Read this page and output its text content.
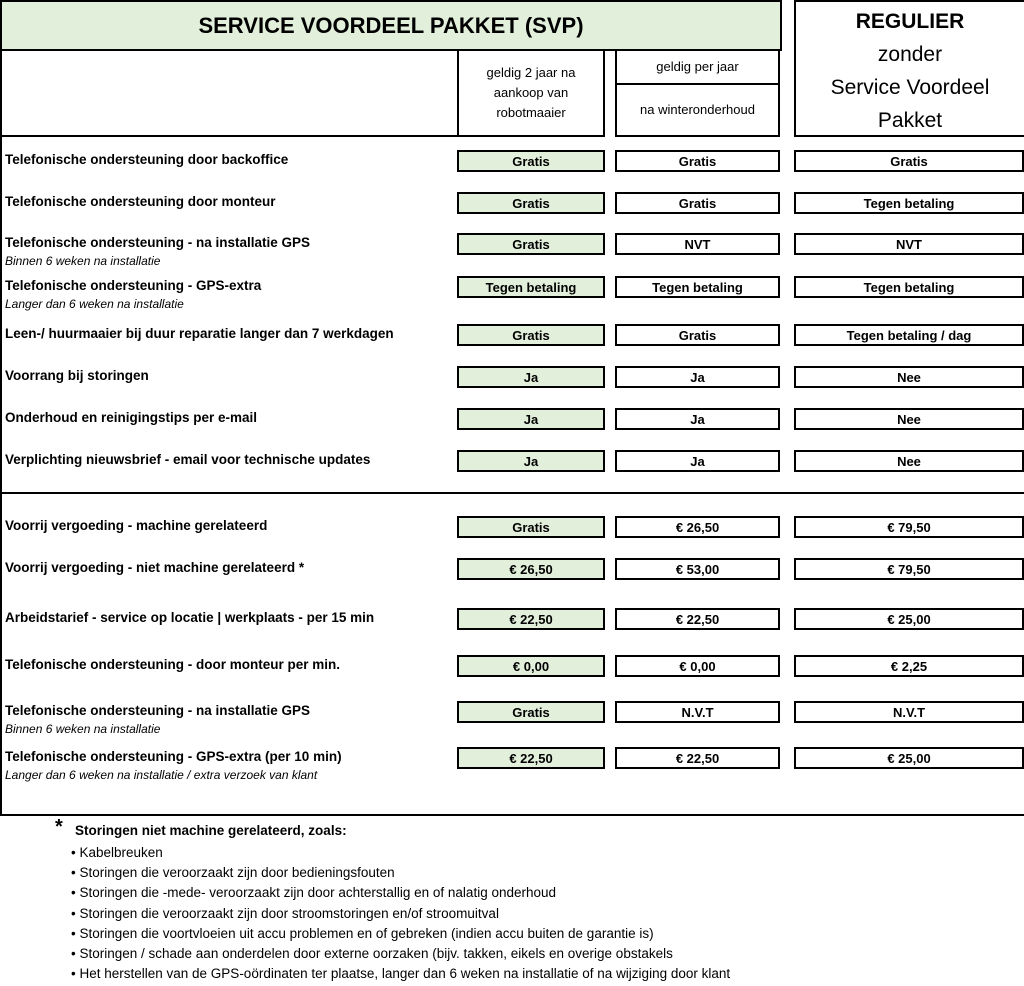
SERVICE VOORDEEL PAKKET (SVP)
geldig 2 jaar na
aankoop van
robotmaaier
geldig per jaar
na winteronderhoud
REGULIER
zonder
Service Voordeel
Pakket
Telefonische ondersteuning door backoffice	Gratis	Gratis	Gratis
Telefonische ondersteuning door monteur	Gratis	Gratis	Tegen betaling
Telefonische ondersteuning - na installatie GPS
Binnen 6 weken na installatie
Gratis	NVT	NVT
Telefonische ondersteuning - GPS-extra
Langer dan 6 weken na installatie
Tegen betaling	Tegen betaling	Tegen betaling
Leen-/ huurmaaier bij duur reparatie langer dan 7 werkdagen	Gratis	Gratis	Tegen betaling / dag
Voorrang bij storingen	Ja	Ja	Nee
Onderhoud en reinigingstips per e-mail	Ja	Ja	Nee
Verplichting nieuwsbrief - email voor technische updates	Ja	Ja	Nee
Voorrij vergoeding - machine gerelateerd	Gratis	€ 26,50	€ 79,50
Voorrij vergoeding - niet machine gerelateerd *	€ 26,50	€ 53,00	€ 79,50
Arbeidstarief - service op locatie | werkplaats - per 15 min	€ 22,50	€ 22,50	€ 25,00
Telefonische ondersteuning - door monteur per min.	€ 0,00	€ 0,00	€ 2,25
Telefonische ondersteuning - na installatie GPS
Binnen 6 weken na installatie
Gratis	N.V.T	N.V.T
Telefonische ondersteuning - GPS-extra (per 10 min)
Langer dan 6 weken na installatie / extra verzoek van klant
€ 22,50	€ 22,50	€ 25,00
* Storingen niet machine gerelateerd, zoals:
• Kabelbreuken
• Storingen die veroorzaakt zijn door bedieningsfouten
• Storingen die -mede- veroorzaakt zijn door achterstallig en of nalatig onderhoud
• Storingen die veroorzaakt zijn door stroomstoringen en/of stroomuitval
• Storingen die voortvloeien uit accu problemen en of gebreken (indien accu buiten de garantie is)
• Storingen / schade aan onderdelen door externe oorzaken (bijv. takken, eikels en overige obstakels
• Het herstellen van de GPS-oördinaten ter plaatse, langer dan 6 weken na installatie of na wijziging door klant
